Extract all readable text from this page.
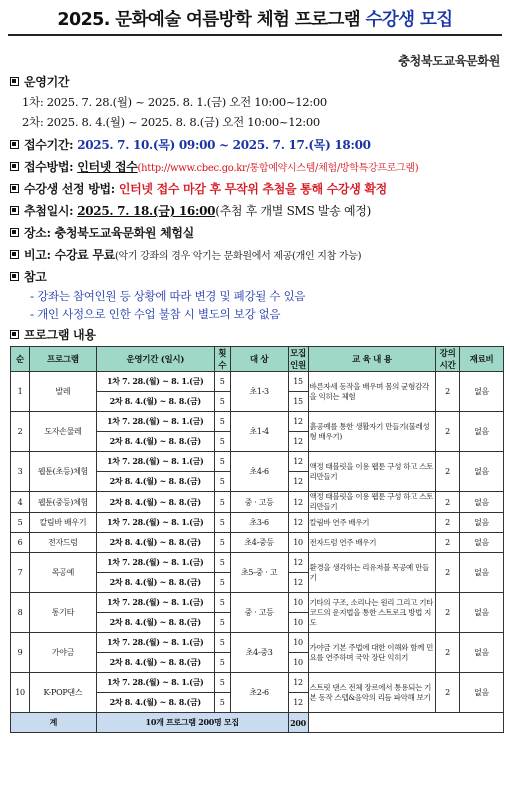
2025. 문화예술 여름방학 체험 프로그램 수강생 모집
충청북도교육문화원
운영기간
1차: 2025. 7. 28.(월) ~ 2025. 8. 1.(금) 오전 10:00~12:00
2차: 2025. 8. 4.(월) ~ 2025. 8. 8.(금) 오전 10:00~12:00
접수기간: 2025. 7. 10.(목) 09:00 ~ 2025. 7. 17.(목) 18:00
접수방법: 인터넷 접수(http://www.cbec.go.kr/통합예약시스템/체험/방학특강프로그램)
수강생 선정 방법: 인터넷 접수 마감 후 무작위 추첨을 통해 수강생 확정
추첨일시: 2025. 7. 18.(금) 16:00(추첨 후 개별 SMS 발송 예정)
장소: 충청북도교육문화원 체험실
비고: 수강료 무료(악기 강좌의 경우 악기는 문화원에서 제공(개인 지참 가능)
참고
- 강좌는 참여인원 등 상황에 따라 변경 및 폐강될 수 있음
- 개인 사정으로 인한 수업 불참 시 별도의 보강 없음
프로그램 내용
순	프로그램	운영기간 (일시)	횟수	대 상	모집인원	교 육 내 용	강의시간	재료비
1	발레	1차 7. 28.(월) ~ 8. 1.(금)	5	초1-3	15	바른자세 동작을 배우며 몸의 균형감각을 익히는 체험	2	없음
		2차 8. 4.(월) ~ 8. 8.(금)	5		15			
2	도자손물레	1차 7. 28.(월) ~ 8. 1.(금)	5	초1-4	12	흙공예를 통한 생활자기 만들기(물레성형 배우기)	2	없음
		2차 8. 4.(월) ~ 8. 8.(금)	5		12			
3	웹툰(초등)체험	1차 7. 28.(월) ~ 8. 1.(금)	5	초4-6	12	액정 태블릿을 이용 웹툰 구성 하고 스토리만들기	2	없음
		2차 8. 4.(월) ~ 8. 8.(금)	5		12			
4	웹툰(중등)체험	2차 8. 4.(월) ~ 8. 8.(금)	5	중 · 고등	12	액정 태블릿을 이용 웹툰 구성 하고 스토리만들기	2	없음
5	칼림바 배우기	1차 7. 28.(월) ~ 8. 1.(금)	5	초3-6	12	칼림바 연주 배우기	2	없음
6	전자드럼	2차 8. 4.(월) ~ 8. 8.(금)	5	초4-중등	10	전자드럼 연주 배우기	2	없음
7	목공예	1차 7. 28.(월) ~ 8. 1.(금)	5	초5-중 · 고	12	환경을 생각하는 리유저블 목공예 만들기	2	없음
		2차 8. 4.(월) ~ 8. 8.(금)	5		12			
8	통기타	1차 7. 28.(월) ~ 8. 1.(금)	5	중 · 고등	10	기타의 구조, 소리나는 원리 그리고 기타 코드의 운지법을 통한 스트로크 방법 지도	2	없음
		2차 8. 4.(월) ~ 8. 8.(금)	5		10			
9	가야금	1차 7. 28.(월) ~ 8. 1.(금)	5	초4-중3	10	가야금 기본 주법에 대한 이해와 함께 민요를 연주하며 국악 장단 익히기	2	없음
		2차 8. 4.(월) ~ 8. 8.(금)	5		10			
10	K-POP댄스	1차 7. 28.(월) ~ 8. 1.(금)	5	초2-6	12	스트릿 댄스 전체 장르에서 통용되는 기본 동작 스텝&음악의 리듬 파악해 보기	2	없음
		2차 8. 4.(월) ~ 8. 8.(금)	5		12			
계		10개 프로그램 200명 모집			200			
